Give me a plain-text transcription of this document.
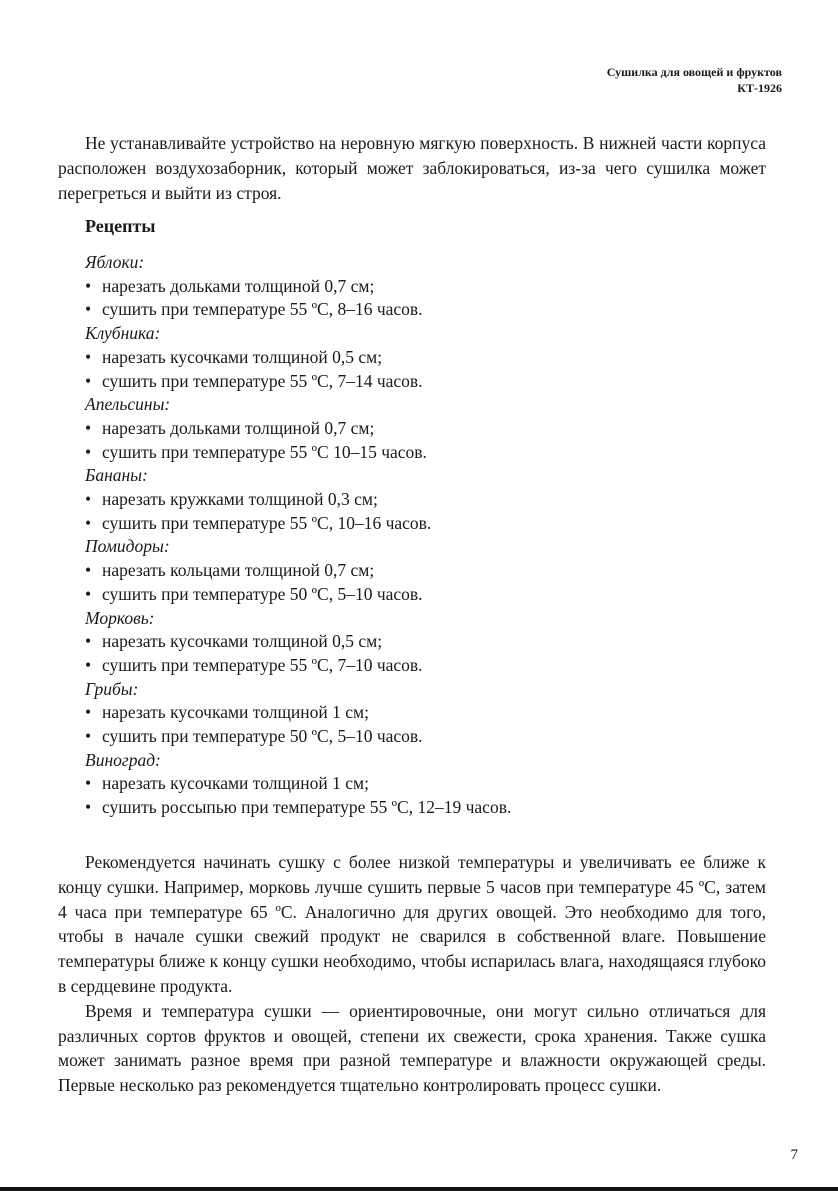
Сушилка для овощей и фруктов
КТ-1926

Не устанавливайте устройство на неровную мягкую поверхность. В нижней части корпуса расположен воздухозаборник, который может заблокироваться, из-за чего сушилка может перегреться и выйти из строя.

Рецепты

Яблоки:

• нарезать дольками толщиной 0,7 см;

• сушить при температуре 55 ºС, 8–16 часов.

Клубника:

• нарезать кусочками толщиной 0,5 см;

• сушить при температуре 55 ºС, 7–14 часов.

Апельсины:

• нарезать дольками толщиной 0,7 см;

• сушить при температуре 55 ºС 10–15 часов.

Бананы:

• нарезать кружками толщиной 0,3 см;

• сушить при температуре 55 ºС, 10–16 часов.

Помидоры:

• нарезать кольцами толщиной 0,7 см;

• сушить при температуре 50 ºС, 5–10 часов.

Морковь:

• нарезать кусочками толщиной 0,5 см;

• сушить при температуре 55 ºС, 7–10 часов.

Грибы:

• нарезать кусочками толщиной 1 см;

• сушить при температуре 50 ºС, 5–10 часов.

Виноград:

• нарезать кусочками толщиной 1 см;

• сушить россыпью при температуре 55 ºС, 12–19 часов.

Рекомендуется начинать сушку с более низкой температуры и увеличивать ее ближе к концу сушки. Например, морковь лучше сушить первые 5 часов при температуре 45 ºС, затем 4 часа при температуре 65 ºС. Аналогично для других овощей. Это необходимо для того, чтобы в начале сушки свежий продукт не сварился в собственной влаге. Повышение температуры ближе к концу сушки необходимо, чтобы испарилась влага, находящаяся глубоко в сердцевине продукта.

Время и температура сушки — ориентировочные, они могут сильно отличаться для различных сортов фруктов и овощей, степени их свежести, срока хранения. Также сушка может занимать разное время при разной температуре и влажности окружающей среды. Первые несколько раз рекомендуется тщательно контролировать процесс сушки.

7
